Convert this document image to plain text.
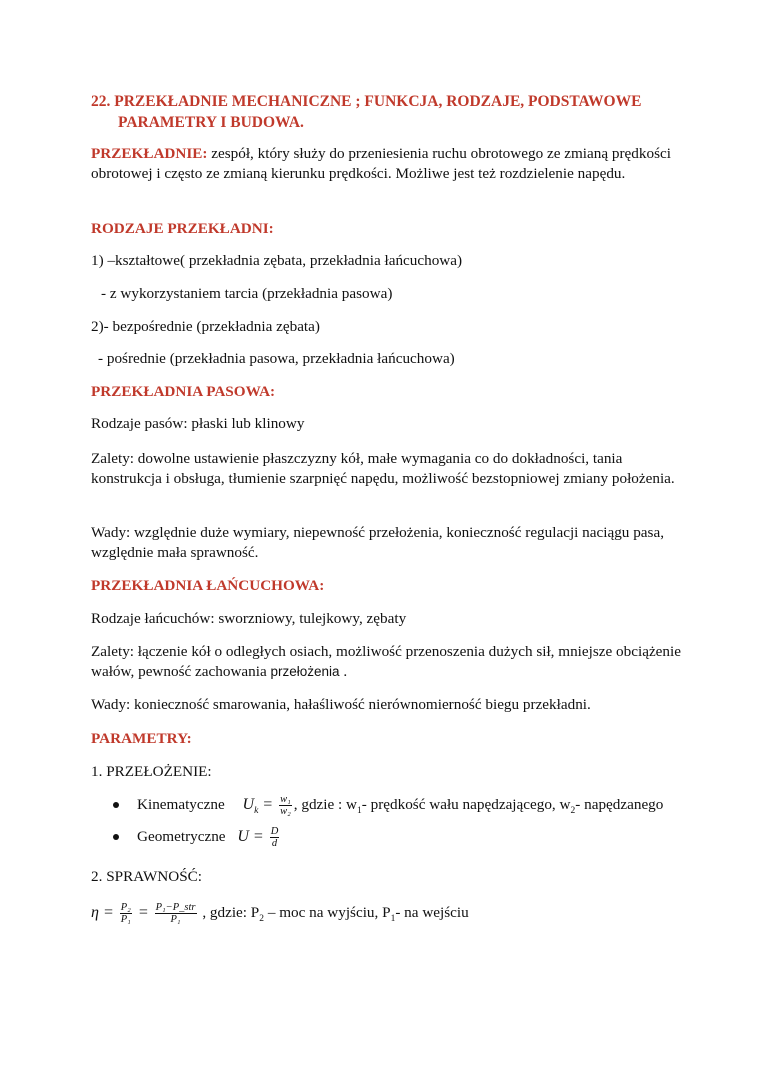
22. PRZEKŁADNIE MECHANICZNE ; FUNKCJA, RODZAJE, PODSTAWOWE
PARAMETRY I BUDOWA.
PRZEKŁADNIE: zespół, który służy do przeniesienia ruchu obrotowego ze zmianą prędkości obrotowej i często ze zmianą kierunku prędkości. Możliwe jest też rozdzielenie napędu.
RODZAJE PRZEKŁADNI:
1) –kształtowe( przekładnia zębata, przekładnia łańcuchowa)
- z wykorzystaniem tarcia (przekładnia pasowa)
2)- bezpośrednie (przekładnia zębata)
- pośrednie (przekładnia pasowa, przekładnia łańcuchowa)
PRZEKŁADNIA PASOWA:
Rodzaje pasów: płaski lub klinowy
Zalety: dowolne ustawienie płaszczyzny kół, małe wymagania co do dokładności, tania konstrukcja i obsługa, tłumienie szarpnięć napędu, możliwość bezstopniowej zmiany położenia.
Wady: względnie duże wymiary, niepewność przełożenia, konieczność regulacji naciągu pasa, względnie mała sprawność.
PRZEKŁADNIA ŁAŃCUCHOWA:
Rodzaje łańcuchów: sworzniowy, tulejkowy, zębaty
Zalety: łączenie kół o odległych osiach, możliwość przenoszenia dużych sił, mniejsze obciążenie wałów, pewność zachowania przełożenia .
Wady: konieczność smarowania, hałaśliwość nierównomierność biegu przekładni.
PARAMETRY:
1. PRZEŁOŻENIE:
Kinematyczne $U_k = \frac{\text{w₁}}{\text{w₂}}$ , gdzie : $w_1-$ prędkość wału napędzającego, $w_2-$ napędzanego
Geometryczne $U = \frac{D}{d}$
2. SPRAWNOŚĆ:
$\eta = \frac{\text{P₂}}{\text{P₁}} = \frac{\text{P₁−P\_str}}{\text{P₁}}$ , gdzie: $P_2$ – moc na wyjściu, $P_1-$ na wejściu
